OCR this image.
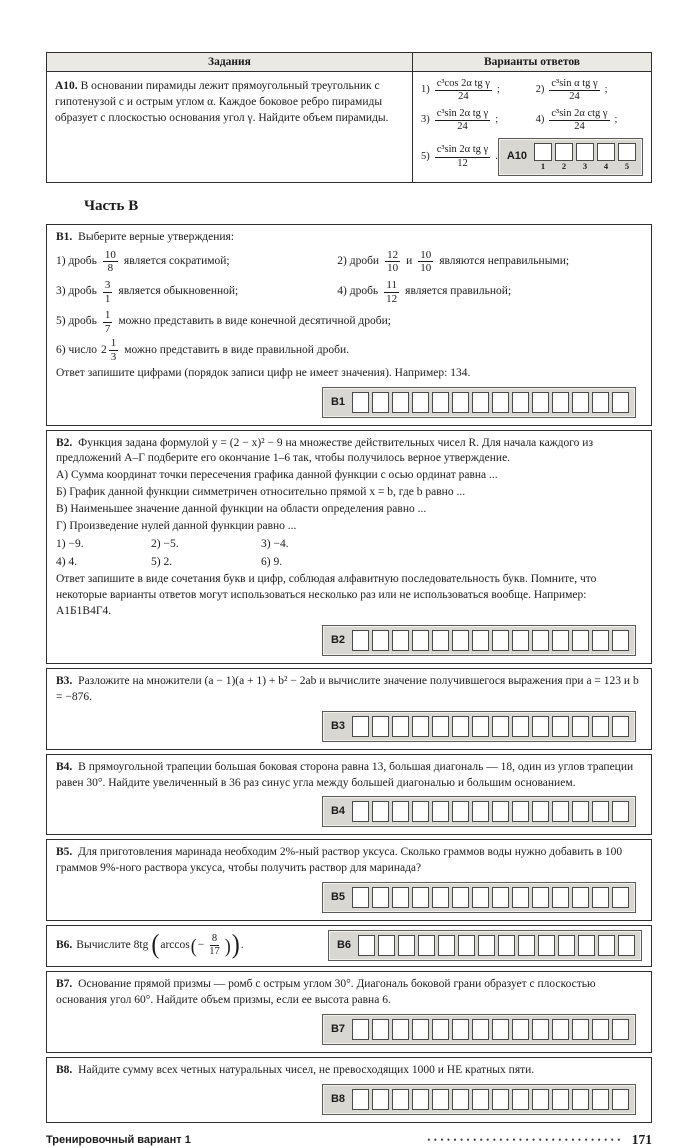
Задания	Варианты ответов
А10. В основании пирамиды лежит прямоугольный треугольник с гипотенузой c и острым углом α. Каждое боковое ребро пирамиды образует с плоскостью основания угол γ. Найдите объем пирамиды.	
$1) \frac{\text{c³cos 2α tg γ}}{24}$ ;	$2) \frac{\text{c³sin α tg γ}}{24}$ ;
$3) \frac{\text{c³sin 2α tg γ}}{24}$ ;	$4) \frac{\text{c³sin 2α ctg γ}}{24}$ ;
$5) \frac{\text{c³sin 2α tg γ}}{12}$ . А10
1 2 3 4 5
Часть В
В1. Выберите верные утверждения:
1) дробь $\frac{10}{8}$ является сократимой;	2) дроби $\frac{12}{10}$ и $\frac{10}{10}$ являются неправильными;
3) дробь $\frac{3}{1}$ является обыкновенной;	4) дробь $\frac{11}{12}$ является правильной;
5) дробь $\frac{1}{7}$ можно представить в виде конечной десятичной дроби;
6) число $2 \frac{1}{3}$ можно представить в виде правильной дроби.
Ответ запишите цифрами (порядок записи цифр не имеет значения). Например: 134.
В1
В2. Функция задана формулой y = (2 − x)² − 9 на множестве действительных чисел R. Для начала каждого из предложений А–Г подберите его окончание 1–6 так, чтобы получилось верное утверждение.
А) Сумма координат точки пересечения графика данной функции с осью ординат равна ...
Б) График данной функции симметричен относительно прямой x = b, где b равно ...
В) Наименьшее значение данной функции на области определения равно ...
Г) Произведение нулей данной функции равно ...
1) −9.	2) −5.	3) −4.
4) 4.	5) 2.	6) 9.
Ответ запишите в виде сочетания букв и цифр, соблюдая алфавитную последовательность букв. Помните, что некоторые варианты ответов могут использоваться несколько раз или не использоваться вообще. Например: А1Б1В4Г4.
В2
В3. Разложите на множители (a − 1)(a + 1) + b² − 2ab и вычислите значение получившегося выражения при a = 123 и b = −876.
В3
В4. В прямоугольной трапеции большая боковая сторона равна 13, большая диагональ — 18, один из углов трапеции равен 30°. Найдите увеличенный в 36 раз синус угла между большей диагональю и большим основанием.
В4
В5. Для приготовления маринада необходим 2%-ный раствор уксуса. Сколько граммов воды нужно добавить в 100 граммов 9%-ного раствора уксуса, чтобы получить раствор для маринада?
В5
В6. Вычислите 8tg ( arccos ( − $\frac{8}{17}$ ) ) .	В6
В7. Основание прямой призмы — ромб с острым углом 30°. Диагональ боковой грани образует с плоскостью основания угол 60°. Найдите объем призмы, если ее высота равна 6.
В7
В8. Найдите сумму всех четных натуральных чисел, не превосходящих 1000 и НЕ кратных пяти.
В8
Тренировочный вариант 1	•••••••••••••••••••••••••••••• 171
